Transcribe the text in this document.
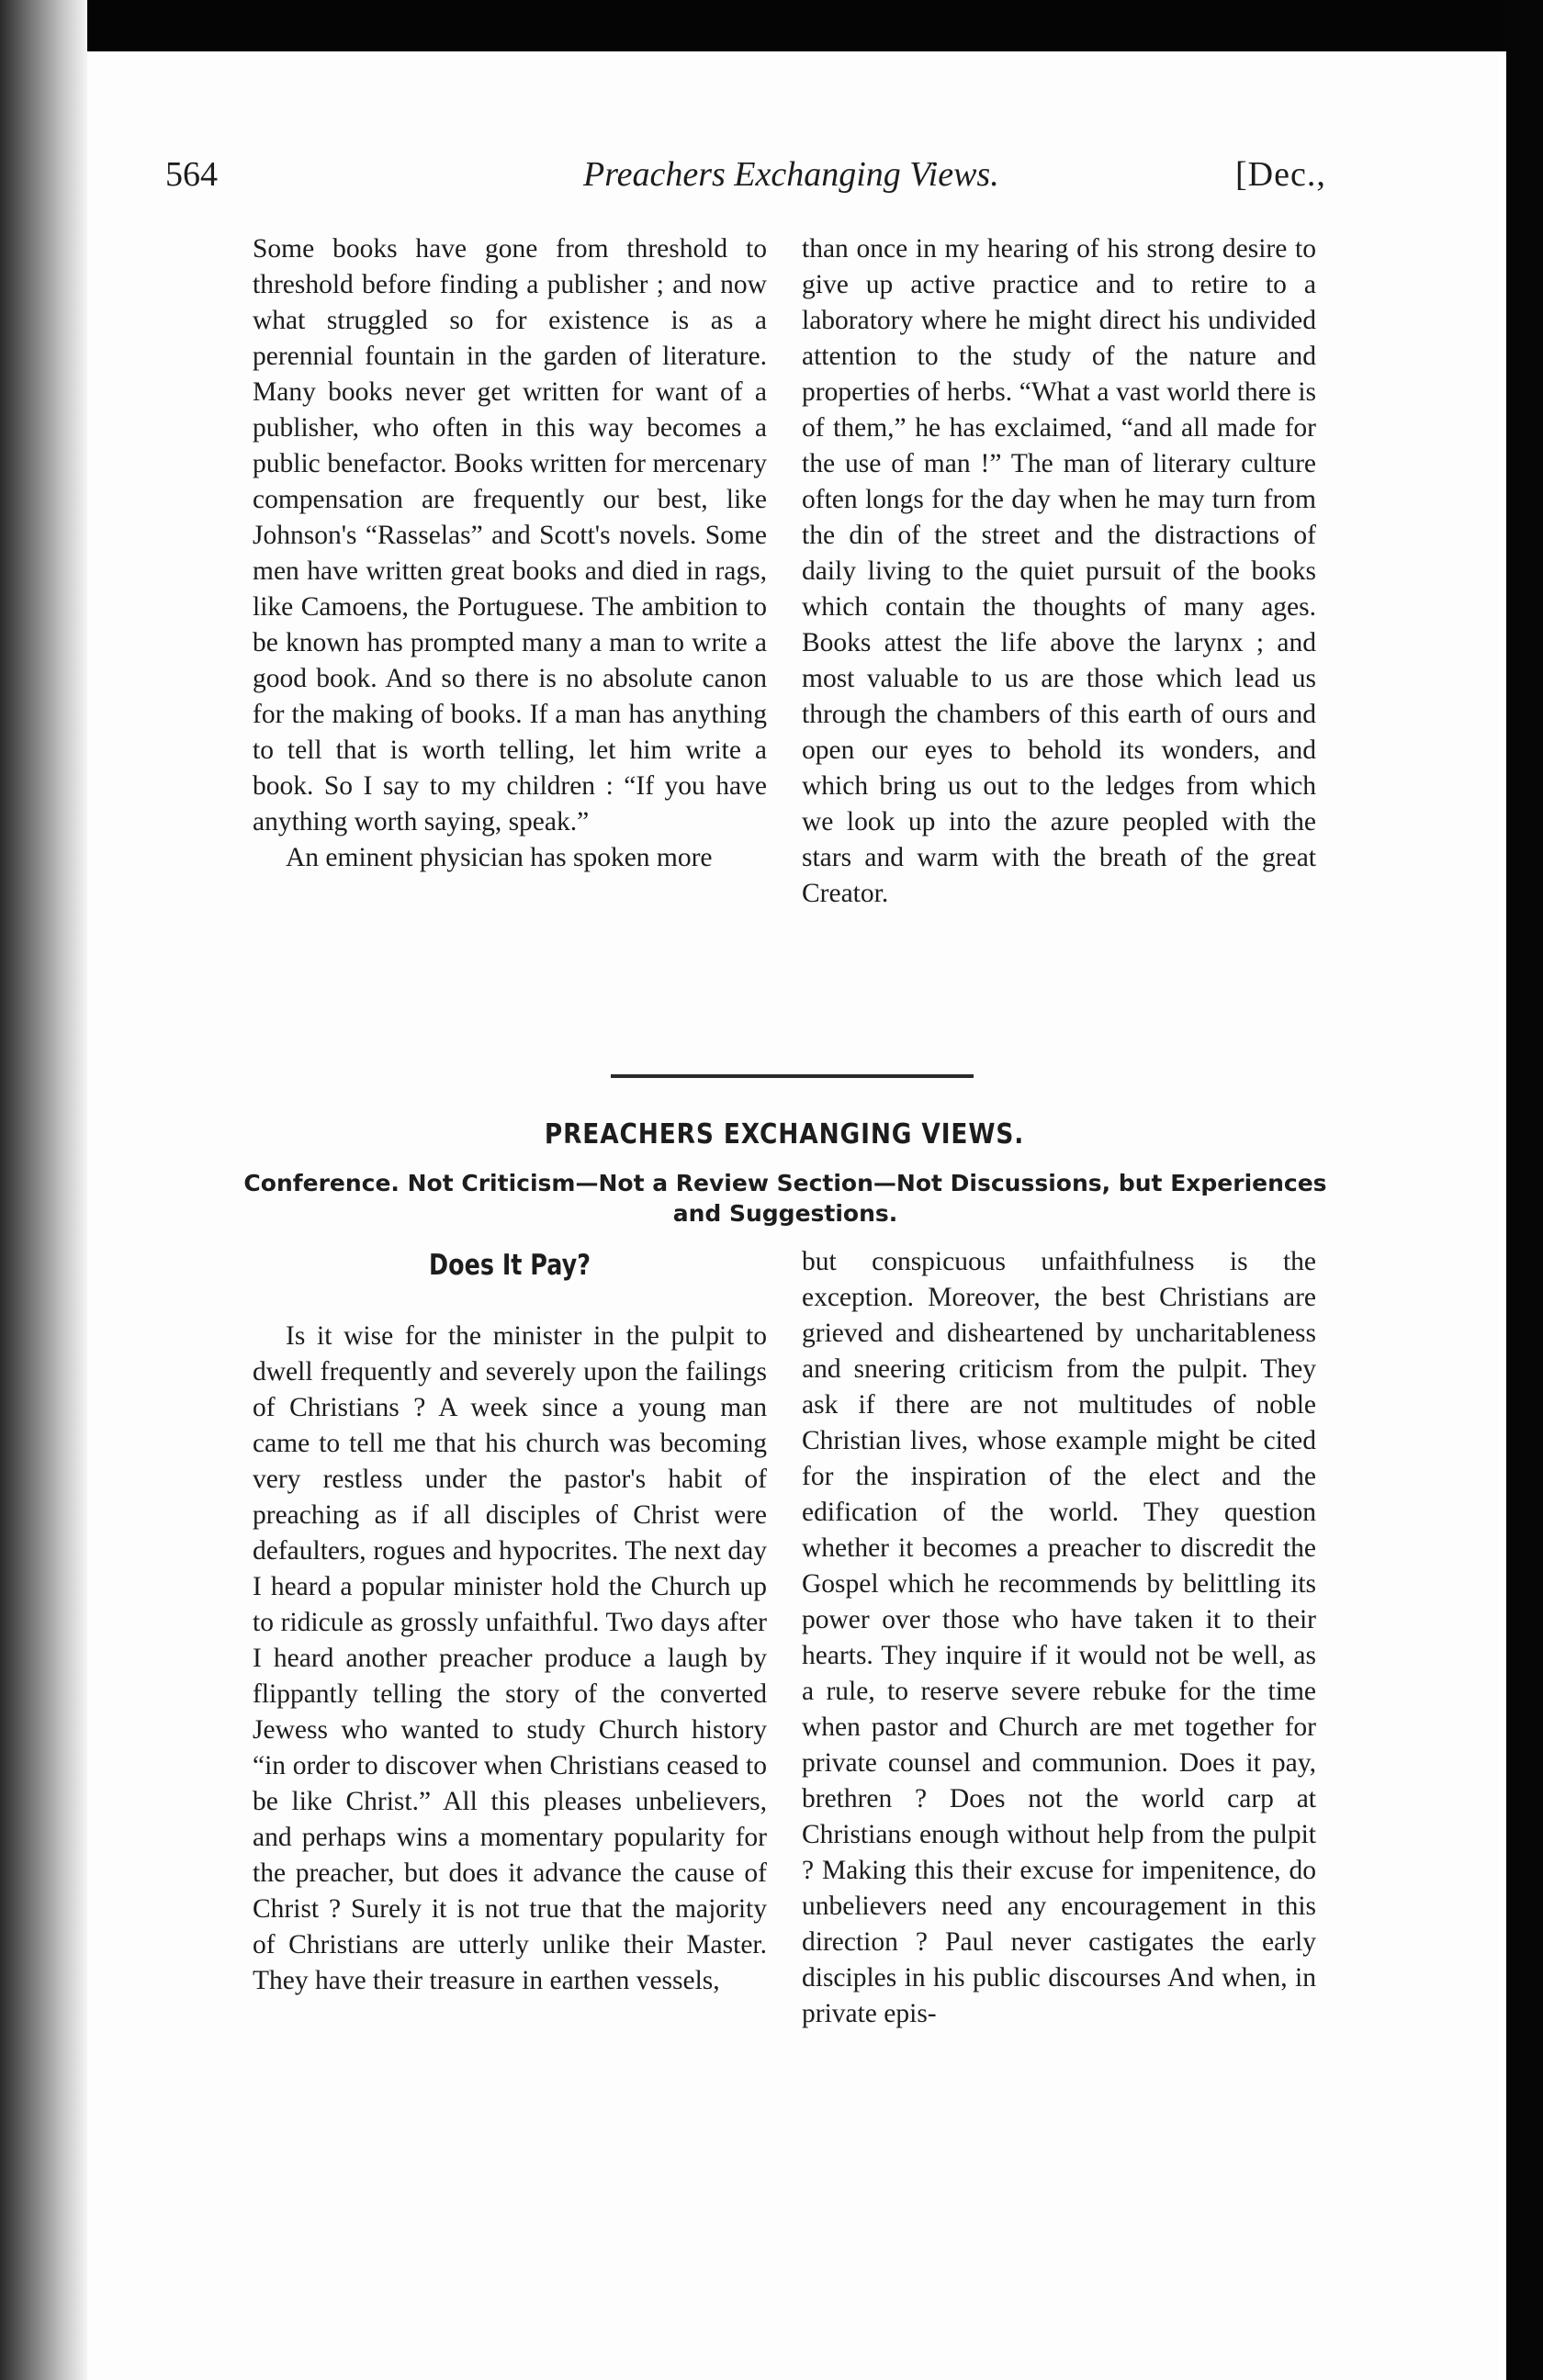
564	Preachers Exchanging Views.	[Dec.,

Some books have gone from threshold to threshold before finding a publisher ; and now what struggled so for existence is as a perennial fountain in the garden of literature. Many books never get written for want of a publisher, who often in this way becomes a public benefactor. Books written for mercenary compensation are frequently our best, like Johnson's “Rasselas” and Scott's novels. Some men have written great books and died in rags, like Camoens, the Portuguese. The ambition to be known has prompted many a man to write a good book. And so there is no absolute canon for the making of books. If a man has anything to tell that is worth telling, let him write a book. So I say to my children : “If you have anything worth saying, speak.”

An eminent physician has spoken more

than once in my hearing of his strong desire to give up active practice and to retire to a laboratory where he might direct his undivided attention to the study of the nature and properties of herbs. “What a vast world there is of them,” he has exclaimed, “and all made for the use of man !” The man of literary culture often longs for the day when he may turn from the din of the street and the distractions of daily living to the quiet pursuit of the books which contain the thoughts of many ages. Books attest the life above the larynx ; and most valuable to us are those which lead us through the chambers of this earth of ours and open our eyes to behold its wonders, and which bring us out to the ledges from which we look up into the azure peopled with the stars and warm with the breath of the great Creator.

PREACHERS EXCHANGING VIEWS.
Conference. Not Criticism—Not a Review Section—Not Discussions, but Experiences and Suggestions.
Does It Pay?

Is it wise for the minister in the pulpit to dwell frequently and severely upon the failings of Christians ? A week since a young man came to tell me that his church was becoming very restless under the pastor's habit of preaching as if all disciples of Christ were defaulters, rogues and hypocrites. The next day I heard a popular minister hold the Church up to ridicule as grossly unfaithful. Two days after I heard another preacher produce a laugh by flippantly telling the story of the converted Jewess who wanted to study Church history “in order to discover when Christians ceased to be like Christ.” All this pleases unbelievers, and perhaps wins a momentary popularity for the preacher, but does it advance the cause of Christ ? Surely it is not true that the majority of Christians are utterly unlike their Master. They have their treasure in earthen vessels,

but conspicuous unfaithfulness is the exception. Moreover, the best Christians are grieved and disheartened by uncharitableness and sneering criticism from the pulpit. They ask if there are not multitudes of noble Christian lives, whose example might be cited for the inspiration of the elect and the edification of the world. They question whether it becomes a preacher to discredit the Gospel which he recommends by belittling its power over those who have taken it to their hearts. They inquire if it would not be well, as a rule, to reserve severe rebuke for the time when pastor and Church are met together for private counsel and communion. Does it pay, brethren ? Does not the world carp at Christians enough without help from the pulpit ? Making this their excuse for impenitence, do unbelievers need any encouragement in this direction ? Paul never castigates the early disciples in his public discourses And when, in private epis-
